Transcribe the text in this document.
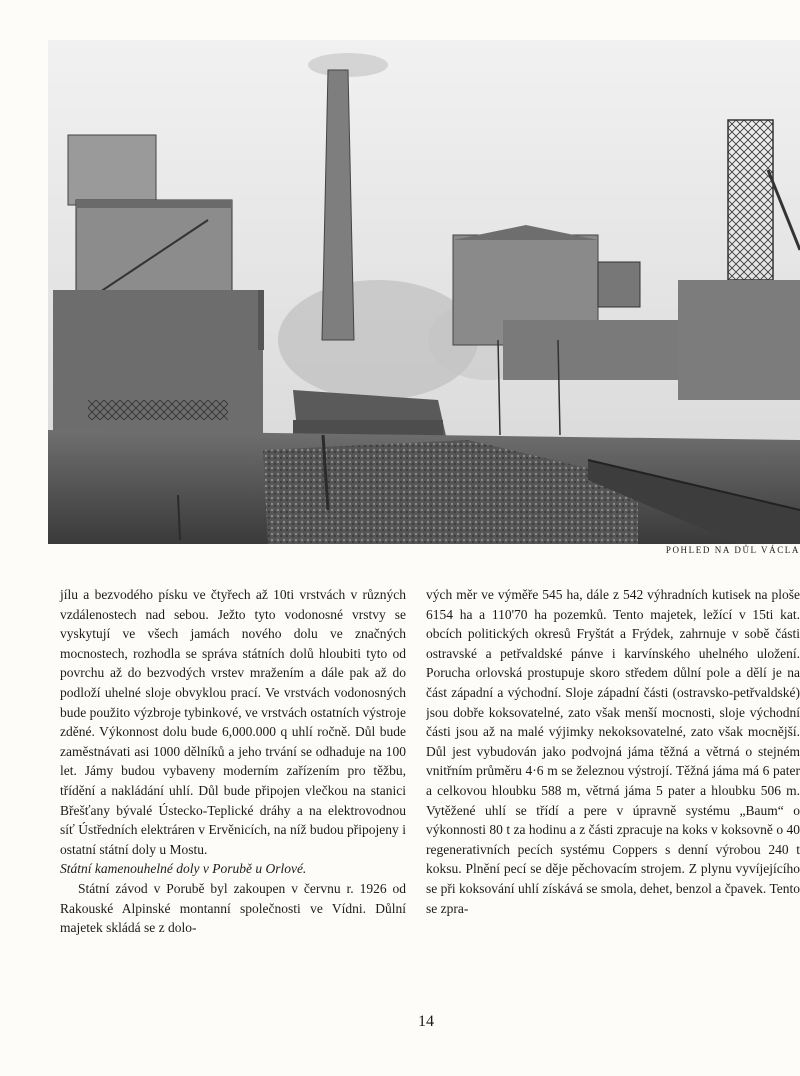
POHLED NA DŮL VÁCLA

jílu a bezvodého písku ve čtyřech až 10ti vrstvách v různých vzdálenostech nad sebou. Ježto tyto vodonosné vrstvy se vyskytují ve všech jamách nového dolu ve značných mocnostech, rozhodla se správa státních dolů hloubiti tyto od povrchu až do bezvodých vrstev mražením a dále pak až do podloží uhelné sloje obvyklou prací. Ve vrstvách vodonosných bude použito výzbroje tybinkové, ve vrstvách ostatních výstroje zděné. Výkonnost dolu bude 6,000.000 q uhlí ročně. Důl bude zaměstnávati asi 1000 dělníků a jeho trvání se odhaduje na 100 let. Jámy budou vybaveny moderním zařízením pro těžbu, třídění a nakládání uhlí. Důl bude připojen vlečkou na stanici Břešťany bývalé Ústecko-Teplické dráhy a na elektrovodnou síť Ústředních elektráren v Ervěnicích, na níž budou připojeny i ostatní státní doly u Mostu.

Státní kamenouhelné doly v Porubě u Orlové.

Státní závod v Porubě byl zakoupen v červnu r. 1926 od Rakouské Alpinské montanní společnosti ve Vídni. Důlní majetek skládá se z dolo-

vých měr ve výměře 545 ha, dále z 542 výhradních kutisek na ploše 6154 ha a 110'70 ha pozemků. Tento majetek, ležící v 15ti kat. obcích politických okresů Fryštát a Frýdek, zahrnuje v sobě části ostravské a petřvaldské pánve i karvínského uhelného uložení. Porucha orlovská prostupuje skoro středem důlní pole a dělí je na část západní a východní. Sloje západní části (ostravsko-petřvaldské) jsou dobře koksovatelné, zato však menší mocnosti, sloje východní části jsou až na malé výjimky nekoksovatelné, zato však mocnější. Důl jest vybudován jako podvojná jáma těžná a větrná o stejném vnitřním průměru 4·6 m se železnou výstrojí. Těžná jáma má 6 pater a celkovou hloubku 588 m, větrná jáma 5 pater a hloubku 506 m. Vytěžené uhlí se třídí a pere v úpravně systému „Baum“ o výkonnosti 80 t za hodinu a z části zpracuje na koks v koksovně o 40 regenerativních pecích systému Coppers s denní výrobou 240 t koksu. Plnění pecí se děje pěchovacím strojem. Z plynu vyvíjejícího se při koksování uhlí získává se smola, dehet, benzol a čpavek. Tento se zpra-

14
